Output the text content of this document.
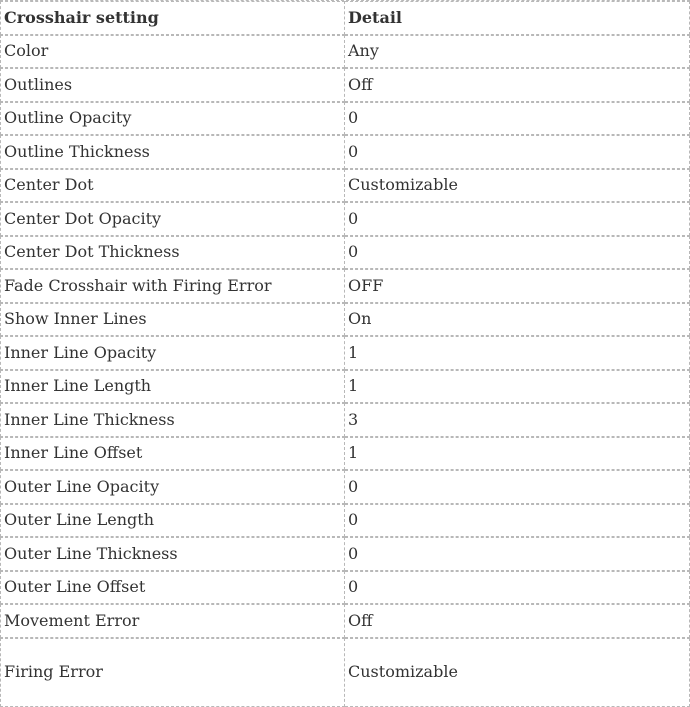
Crosshair setting	Detail
Color	Any
Outlines	Off
Outline Opacity	0
Outline Thickness	0
Center Dot	Customizable
Center Dot Opacity	0
Center Dot Thickness	0
Fade Crosshair with Firing Error	OFF
Show Inner Lines	On
Inner Line Opacity	1
Inner Line Length	1
Inner Line Thickness	3
Inner Line Offset	1
Outer Line Opacity	0
Outer Line Length	0
Outer Line Thickness	0
Outer Line Offset	0
Movement Error	Off
Firing Error	Customizable
